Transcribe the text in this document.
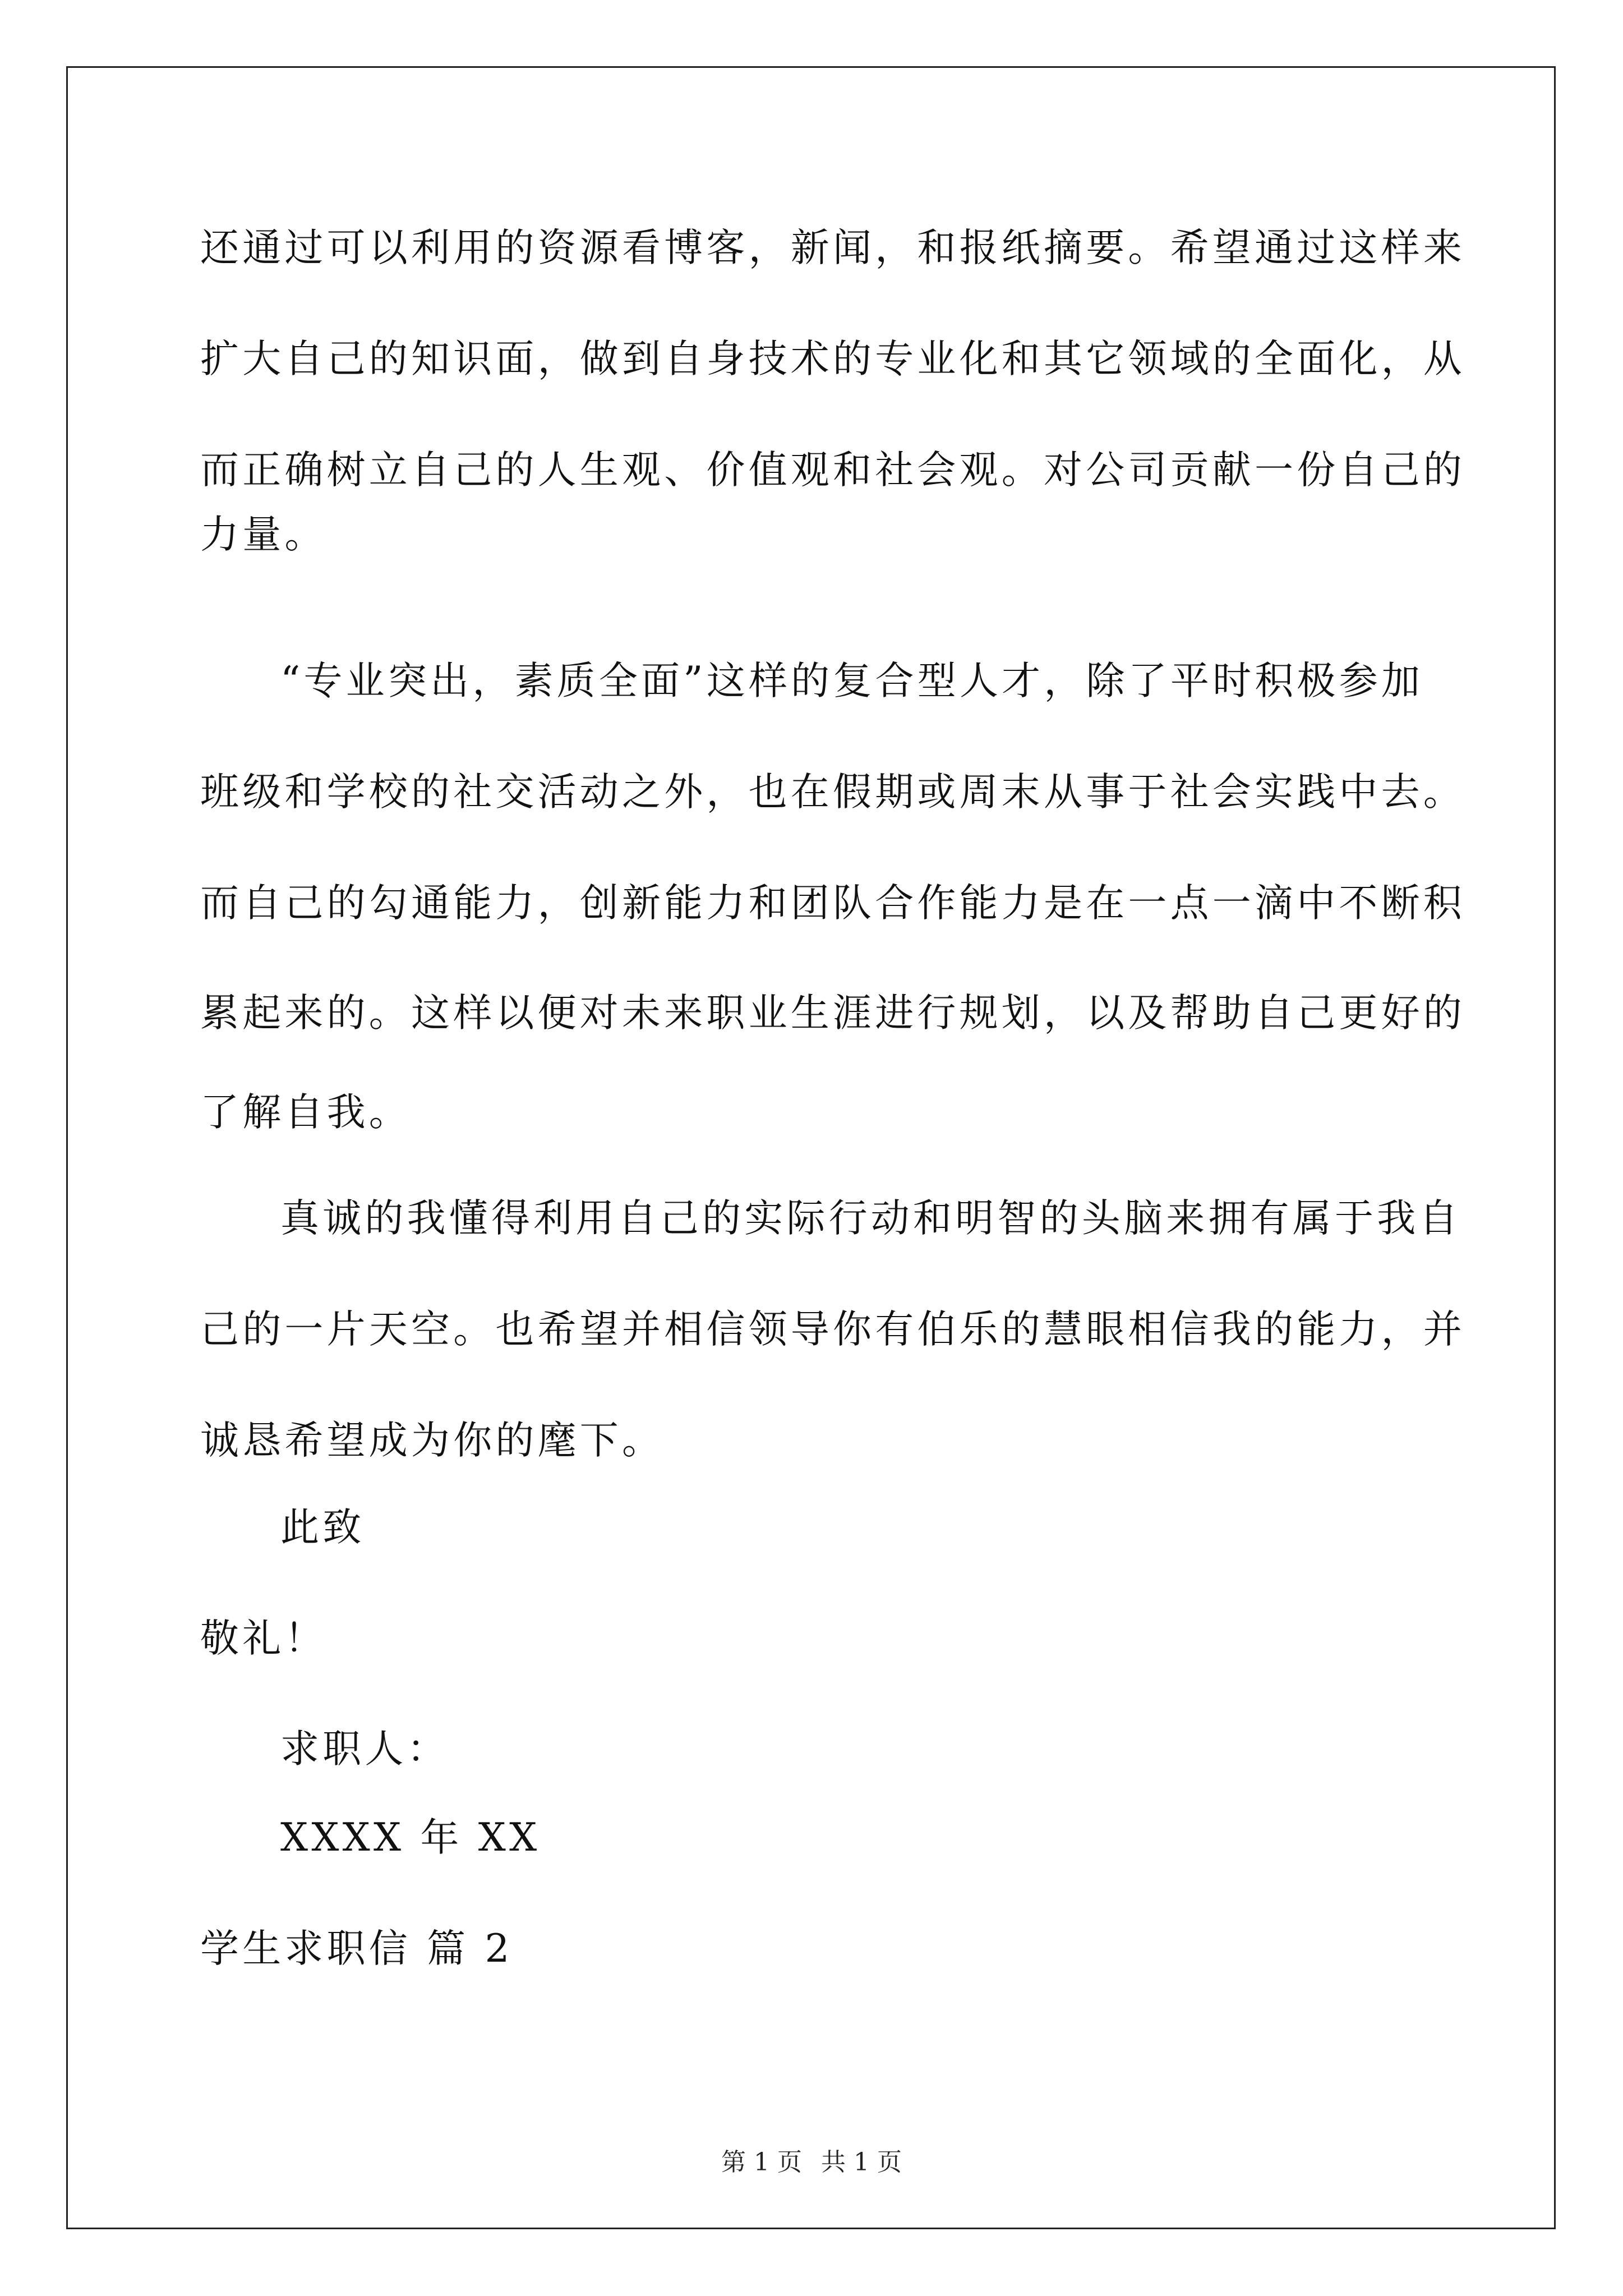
还通过可以利用的资源看博客，新闻，和报纸摘要。希望通过这样来
扩大自己的知识面，做到自身技术的专业化和其它领域的全面化，从
而正确树立自己的人生观、价值观和社会观。对公司贡献一份自己的
力量。
“专业突出，素质全面”这样的复合型人才，除了平时积极参加
班级和学校的社交活动之外，也在假期或周末从事于社会实践中去。
而自己的勾通能力，创新能力和团队合作能力是在一点一滴中不断积
累起来的。这样以便对未来职业生涯进行规划，以及帮助自己更好的
了解自我。
真诚的我懂得利用自己的实际行动和明智的头脑来拥有属于我自
己的一片天空。也希望并相信领导你有伯乐的慧眼相信我的能力，并
诚恳希望成为你的麾下。
此致
敬礼！
求职人：
XXXX 年 XX
学生求职信 篇 2
第 1 页 共 1 页
